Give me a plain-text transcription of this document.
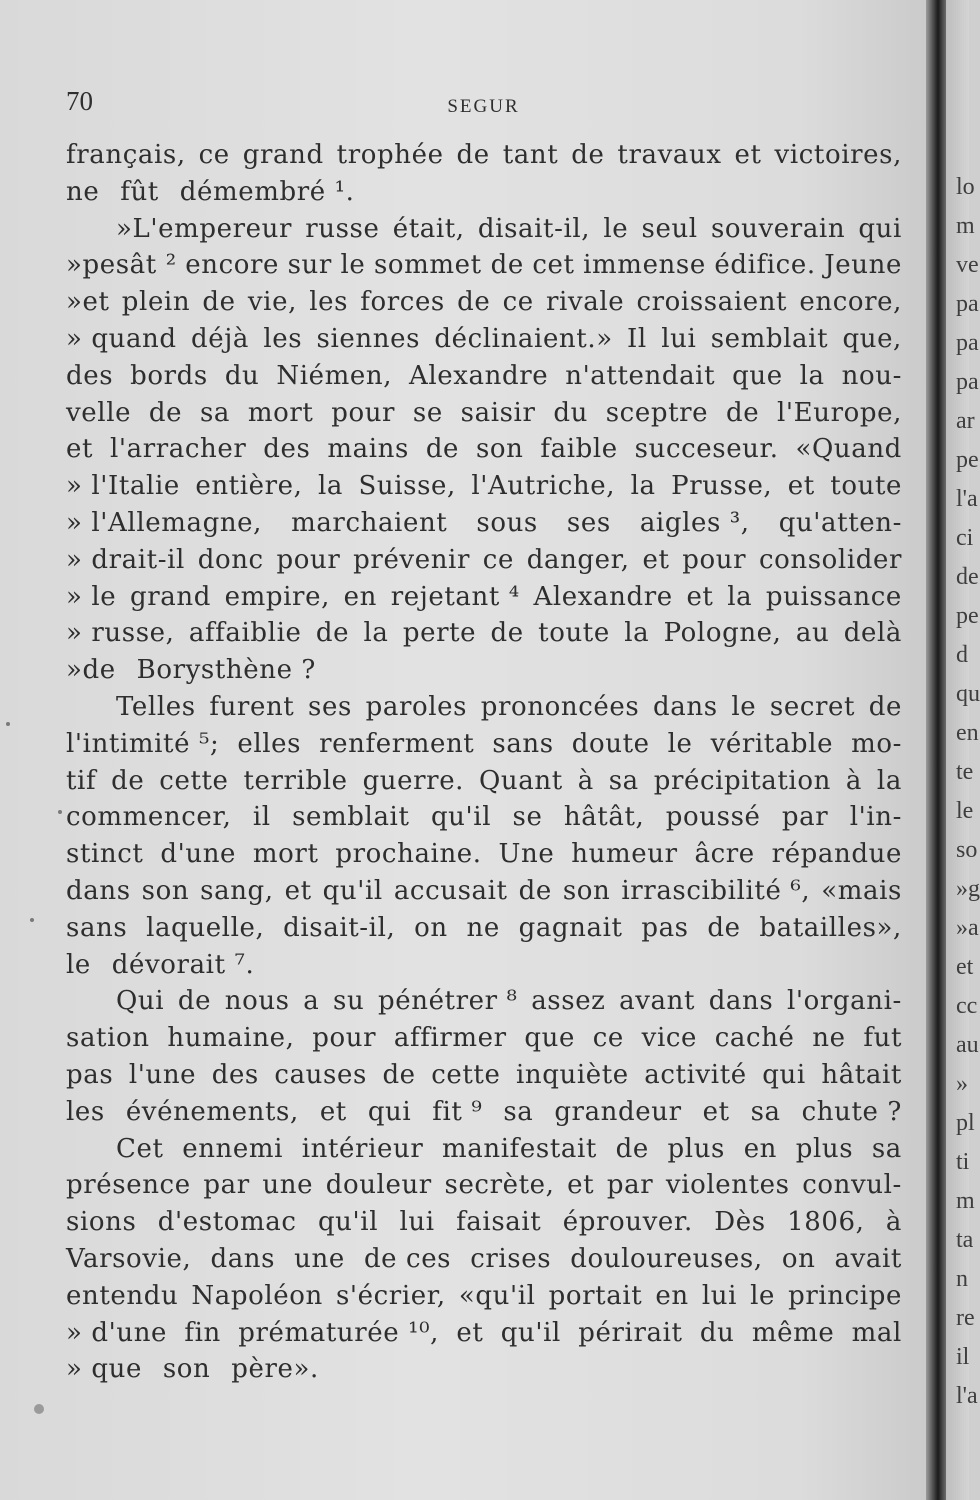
70	SEGUR
français, ce grand trophée de tant de travaux et victoires,
ne fût démembré ¹.
»L'empereur russe était, disait-il, le seul souverain qui
»pesât ² encore sur le sommet de cet immense édifice. Jeune
»et plein de vie, les forces de ce rivale croissaient encore,
» quand déjà les siennes déclinaient.» Il lui semblait que,
des bords du Niémen, Alexandre n'attendait que la nou-
velle de sa mort pour se saisir du sceptre de l'Europe,
et l'arracher des mains de son faible succeseur. «Quand
» l'Italie entière, la Suisse, l'Autriche, la Prusse, et toute
» l'Allemagne, marchaient sous ses aigles ³, qu'atten-
» drait-il donc pour prévenir ce danger, et pour consolider
» le grand empire, en rejetant ⁴ Alexandre et la puissance
» russe, affaiblie de la perte de toute la Pologne, au delà
»de Borysthène ?
Telles furent ses paroles prononcées dans le secret de
l'intimité ⁵; elles renferment sans doute le véritable mo-
tif de cette terrible guerre. Quant à sa précipitation à la
commencer, il semblait qu'il se hâtât, poussé par l'in-
stinct d'une mort prochaine. Une humeur âcre répandue
dans son sang, et qu'il accusait de son irrascibilité ⁶, «mais
sans laquelle, disait-il, on ne gagnait pas de batailles»,
le dévorait ⁷.
Qui de nous a su pénétrer ⁸ assez avant dans l'organi-
sation humaine, pour affirmer que ce vice caché ne fut
pas l'une des causes de cette inquiète activité qui hâtait
les événements, et qui fit ⁹ sa grandeur et sa chute ?
Cet ennemi intérieur manifestait de plus en plus sa
présence par une douleur secrète, et par violentes convul-
sions d'estomac qu'il lui faisait éprouver. Dès 1806, à
Varsovie, dans une de ces crises douloureuses, on avait
entendu Napoléon s'écrier, «qu'il portait en lui le principe
» d'une fin prématurée ¹⁰, et qu'il périrait du même mal
» que son père».
lo
m
ve
pa
pa
pa
ar
pe
l'a
ci
de
pe
d
qu
en
te
le
so
»g
»a
et
cc
au
»
pl
ti
m
ta
n
re
il
l'a
